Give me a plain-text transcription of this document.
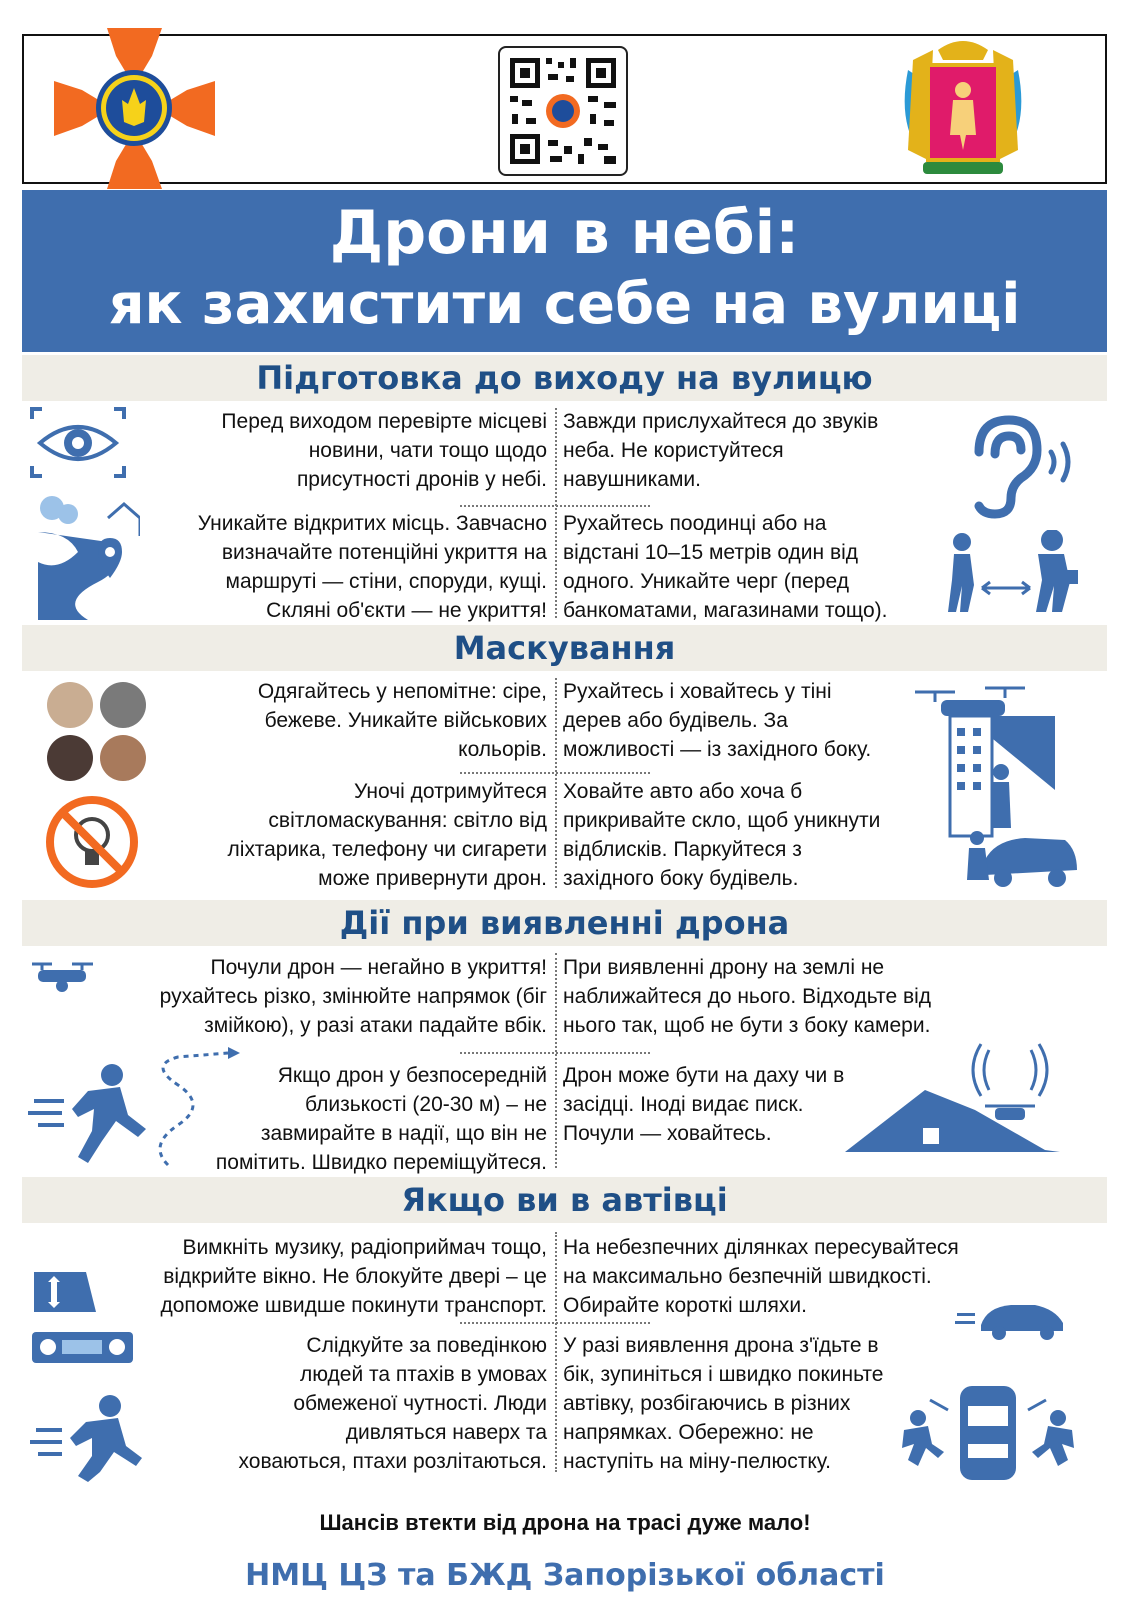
Дрони в небі:
як захистити себе на вулиці
Підготовка до виходу на вулицю
Перед виходом перевірте місцеві
новини, чати тощо щодо
присутності дронів у небі.
Завжди прислухайтеся до звуків
неба. Не користуйтеся
навушниками.
Уникайте відкритих місць. Завчасно
визначайте потенційні укриття на
маршруті — стіни, споруди, кущі.
Скляні об'єкти — не укриття!
Рухайтесь поодинці або на
відстані 10–15 метрів один від
одного. Уникайте черг (перед
банкоматами, магазинами тощо).
Маскування
Одягайтесь у непомітне: сіре,
бежеве. Уникайте військових
кольорів.
Рухайтесь і ховайтесь у тіні
дерев або будівель. За
можливості — із західного боку.
Уночі дотримуйтеся
світломаскування: світло від
ліхтарика, телефону чи сигарети
може привернути дрон.
Ховайте авто або хоча б
прикривайте скло, щоб уникнути
відблисків. Паркуйтеся з
західного боку будівель.
Дії при виявленні дрона
Почули дрон — негайно в укриття!
рухайтесь різко, змінюйте напрямок (біг
змійкою), у разі атаки падайте вбік.
При виявленні дрону на землі не
наближайтеся до нього. Відходьте від
нього так, щоб не бути з боку камери.
Якщо дрон у безпосередній
близькості (20-30 м) – не
завмирайте в надії, що він не
помітить. Швидко переміщуйтеся.
Дрон може бути на даху чи в
засідці. Іноді видає писк.
Почули — ховайтесь.
Якщо ви в автівці
Вимкніть музику, радіоприймач тощо,
відкрийте вікно. Не блокуйте двері – це
допоможе швидше покинути транспорт.
На небезпечних ділянках пересувайтеся
на максимально безпечній швидкості.
Обирайте короткі шляхи.
Слідкуйте за поведінкою
людей та птахів в умовах
обмеженої чутності. Люди
дивляться наверх та
ховаються, птахи розлітаються.
У разі виявлення дрона з'їдьте в
бік, зупиніться і швидко покиньте
автівку, розбігаючись в різних
напрямках. Обережно: не
наступіть на міну-пелюстку.
Шансів втекти від дрона на трасі дуже мало!
НМЦ ЦЗ та БЖД Запорізької області
